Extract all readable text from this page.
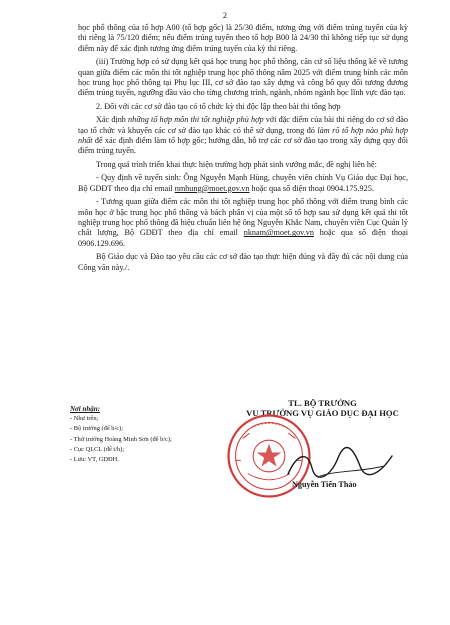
2

học phổ thông của tổ hợp A00 (tổ hợp gốc) là 25/30 điểm, tương ứng với điểm trúng tuyển của kỳ thi riêng là 75/120 điểm; nếu điểm trúng tuyển theo tổ hợp B00 là 24/30 thì không tiếp tục sử dụng điểm này để xác định tương ứng điểm trúng tuyển của kỳ thi riêng.

(iii) Trường hợp có sử dụng kết quả học trung học phổ thông, căn cứ số liệu thống kê về tương quan giữa điểm các môn thi tốt nghiệp trung học phổ thông năm 2025 với điểm trung bình các môn học trung học phổ thông tại Phụ lục III, cơ sở đào tạo xây dựng và công bố quy đổi tương đương điểm trúng tuyển, ngưỡng đầu vào cho từng chương trình, ngành, nhóm ngành học lĩnh vực đào tạo.

2. Đối với các cơ sở đào tạo có tổ chức kỳ thi độc lập theo bài thi tổng hợp

Xác định những tổ hợp môn thi tốt nghiệp phù hợp với đặc điểm của bài thi riêng do cơ sở đào tạo tổ chức và khuyến các cơ sở đào tạo khác có thể sử dụng, trong đó làm rõ tổ hợp nào phù hợp nhất để xác định điểm làm tổ hợp gốc; hướng dẫn, hỗ trợ các cơ sở đào tạo trong xây dựng quy đổi điểm trúng tuyển.

Trong quá trình triển khai thực hiện trường hợp phát sinh vướng mắc, đề nghị liên hệ:

- Quy định về tuyển sinh: Ông Nguyễn Mạnh Hùng, chuyên viên chính Vụ Giáo dục Đại học, Bộ GDĐT theo địa chỉ email nmhung@moet.gov.vn hoặc qua số điện thoại 0904.175.925.

- Tương quan giữa điểm các môn thi tốt nghiệp trung học phổ thông với điểm trung bình các môn học ở bậc trung học phổ thông và bách phân vị của một số tổ hợp sau sử dụng kết quả thi tốt nghiệp trung học phổ thông đã hiệu chuẩn liên hệ ông Nguyễn Khắc Nam, chuyên viên Cục Quản lý chất lượng, Bộ GDĐT theo địa chỉ email nknam@moet.gov.vn hoặc qua số điện thoại 0906.129.696.

Bộ Giáo dục và Đào tạo yêu cầu các cơ sở đào tạo thực hiện đúng và đầy đủ các nội dung của Công văn này./.

Nơi nhận:
- Như trên;
- Bộ trưởng (để b/c);
- Thứ trưởng Hoàng Minh Sơn (để b/c);
- Cục QLCL (để t/h);
- Lưu: VT, GDĐH.
TL. BỘ TRƯỞNG
VỤ TRƯỞNG VỤ GIÁO DỤC ĐẠI HỌC
Nguyễn Tiến Thảo
